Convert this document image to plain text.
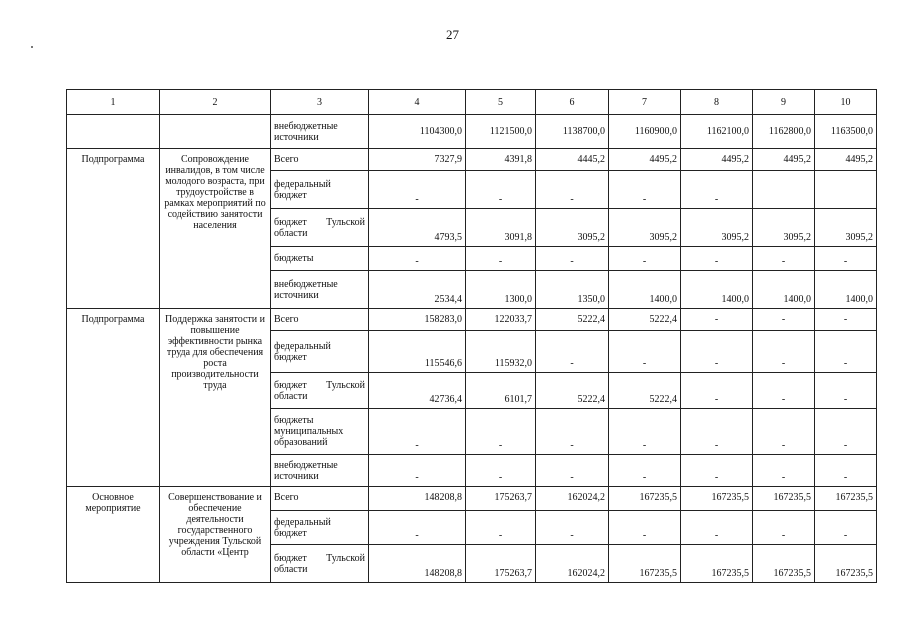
27
1	2	3	4	5	6	7	8	9	10
		внебюджетные источники	1104300,0	1121500,0	1138700,0	1160900,0	1162100,0	1162800,0	1163500,0
Подпрограмма	Сопровождение инвалидов, в том числе молодого возраста, при трудоустройстве в рамках мероприятий по содействию занятости населения	Всего	7327,9	4391,8	4445,2	4495,2	4495,2	4495,2	4495,2
		федеральный бюджет	-	-	-	-	-		
		бюджет Тульской области	4793,5	3091,8	3095,2	3095,2	3095,2	3095,2	3095,2
		бюджеты	-	-	-	-	-	-	-
		внебюджетные источники	2534,4	1300,0	1350,0	1400,0	1400,0	1400,0	1400,0
Подпрограмма	Поддержка занятости и повышение эффективности рынка труда для обеспечения роста производительности труда	Всего	158283,0	122033,7	5222,4	5222,4	-	-	-
		федеральный бюджет	115546,6	115932,0	-	-	-	-	-
		бюджет Тульской области	42736,4	6101,7	5222,4	5222,4	-	-	-
		бюджеты муниципальных образований	-	-	-	-	-	-	-
		внебюджетные источники	-	-	-	-	-	-	-
Основное мероприятие	Совершенствование и обеспечение деятельности государственного учреждения Тульской области «Центр	Всего	148208,8	175263,7	162024,2	167235,5	167235,5	167235,5	167235,5
		федеральный бюджет	-	-	-	-	-	-	-
		бюджет Тульской области	148208,8	175263,7	162024,2	167235,5	167235,5	167235,5	167235,5
